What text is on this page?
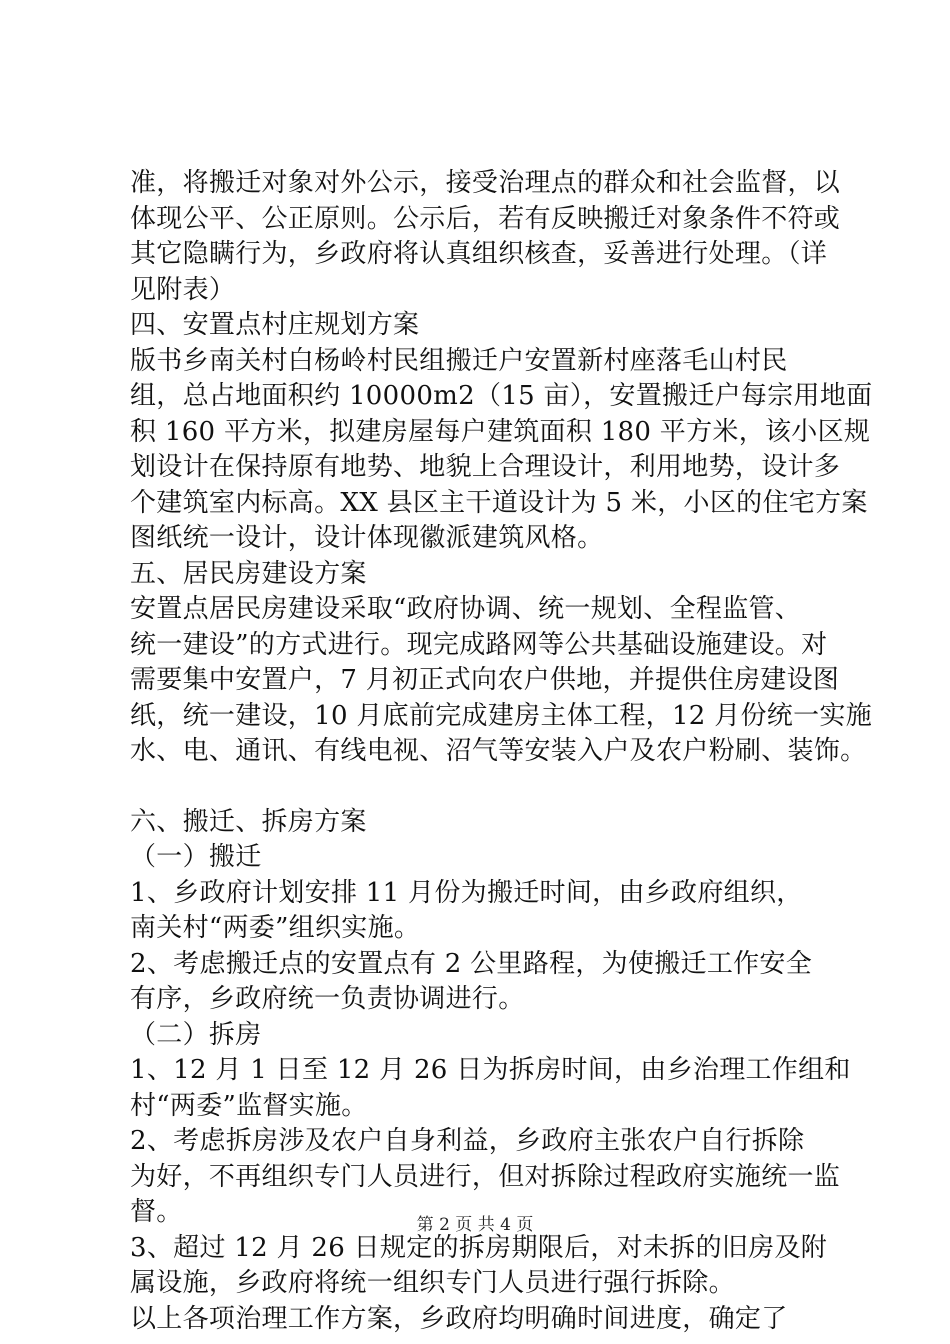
准，将搬迁对象对外公示，接受治理点的群众和社会监督，以
体现公平、公正原则。公示后，若有反映搬迁对象条件不符或
其它隐瞒行为，乡政府将认真组织核查，妥善进行处理。（详
见附表）
四、安置点村庄规划方案
版书乡南关村白杨岭村民组搬迁户安置新村座落毛山村民
组，总占地面积约 10000m2（15 亩），安置搬迁户每宗用地面
积 160 平方米，拟建房屋每户建筑面积 180 平方米，该小区规
划设计在保持原有地势、地貌上合理设计，利用地势，设计多
个建筑室内标高。XX 县区主干道设计为 5 米，小区的住宅方案
图纸统一设计，设计体现徽派建筑风格。
五、居民房建设方案
安置点居民房建设采取“政府协调、统一规划、全程监管、
统一建设”的方式进行。现完成路网等公共基础设施建设。对
需要集中安置户，7 月初正式向农户供地，并提供住房建设图
纸，统一建设，10 月底前完成建房主体工程，12 月份统一实施
水、电、通讯、有线电视、沼气等安装入户及农户粉刷、装饰。
六、搬迁、拆房方案
（一）搬迁
1、乡政府计划安排 11 月份为搬迁时间，由乡政府组织，
南关村“两委”组织实施。
2、考虑搬迁点的安置点有 2 公里路程，为使搬迁工作安全
有序，乡政府统一负责协调进行。
（二）拆房
1、12 月 1 日至 12 月 26 日为拆房时间，由乡治理工作组和
村“两委”监督实施。
2、考虑拆房涉及农户自身利益，乡政府主张农户自行拆除
为好，不再组织专门人员进行，但对拆除过程政府实施统一监
督。
3、超过 12 月 26 日规定的拆房期限后，对未拆的旧房及附
属设施，乡政府将统一组织专门人员进行强行拆除。
以上各项治理工作方案，乡政府均明确时间进度，确定了
第 2 页 共 4 页
